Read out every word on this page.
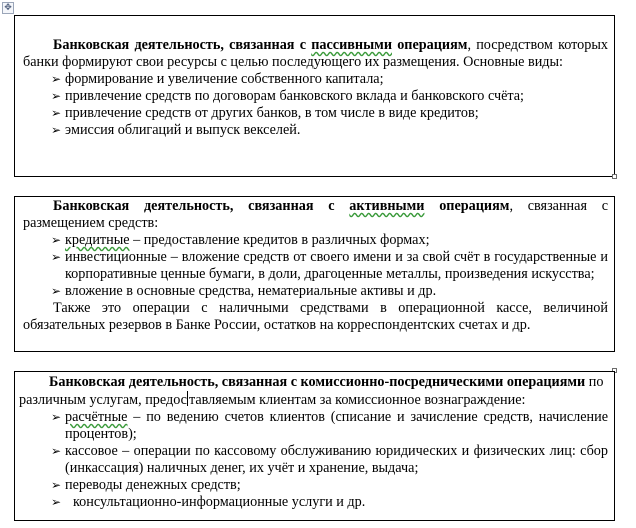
✥

Банковская деятельность, связанная с пассивными операциям, посредством которых банки формируют свои ресурсы с целью последующего их размещения. Основные виды:

➢ формирование и увеличение собственного капитала;
➢ привлечение средств по договорам банковского вклада и банковского счёта;
➢ привлечение средств от других банков, в том числе в виде кредитов;
➢ эмиссия облигаций и выпуск векселей.

Банковская деятельность, связанная с активными операциям, связанная с размещением средств:

➢ кредитные – предоставление кредитов в различных формах;
➢ инвестиционные – вложение средств от своего имени и за свой счёт в государственные и корпоративные ценные бумаги, в доли, драгоценные металлы, произведения искусства;
➢ вложение в основные средства, нематериальные активы и др.

Также это операции с наличными средствами в операционной кассе, величиной обязательных резервов в Банке России, остатков на корреспондентских счетах и др.

Банковская деятельность, связанная с комиссионно-посредническими операциями по различным услугам, предос тавляемым клиентам за комиссионное вознаграждение:

➢ расчётные – по ведению счетов клиентов (списание и зачисление средств, начисление процентов);
➢ кассовое – операции по кассовому обслуживанию юридических и физических лиц: сбор (инкассация) наличных денег, их учёт и хранение, выдача;
➢ переводы денежных средств;
➢ консультационно-информационные услуги и др.
